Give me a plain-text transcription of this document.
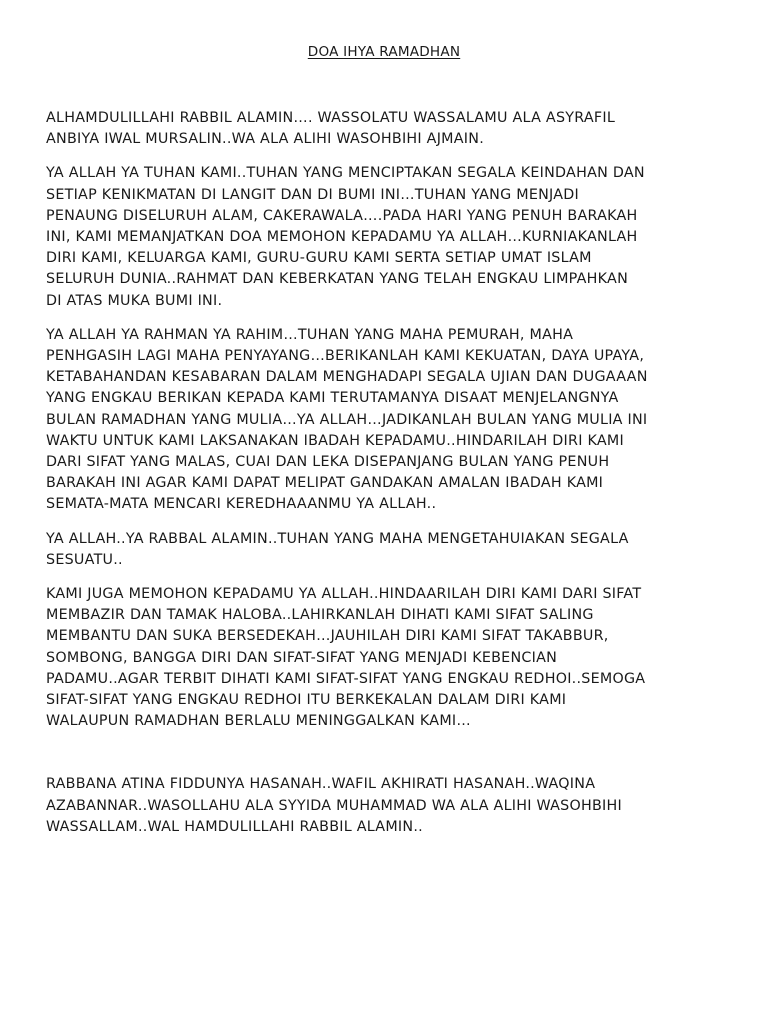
DOA IHYA RAMADHAN

ALHAMDULILLAHI RABBIL ALAMIN…. WASSOLATU WASSALAMU ALA ASYRAFIL
ANBIYA IWAL MURSALIN..WA ALA ALIHI WASOHBIHI AJMAIN.

YA ALLAH YA TUHAN KAMI..TUHAN YANG MENCIPTAKAN SEGALA KEINDAHAN DAN
SETIAP KENIKMATAN DI LANGIT DAN DI BUMI INI…TUHAN YANG MENJADI
PENAUNG DISELURUH ALAM, CAKERAWALA….PADA HARI YANG PENUH BARAKAH
INI, KAMI MEMANJATKAN DOA MEMOHON KEPADAMU YA ALLAH…KURNIAKANLAH
DIRI KAMI, KELUARGA KAMI, GURU-GURU KAMI SERTA SETIAP UMAT ISLAM
SELURUH DUNIA..RAHMAT DAN KEBERKATAN YANG TELAH ENGKAU LIMPAHKAN
DI ATAS MUKA BUMI INI.

YA ALLAH YA RAHMAN YA RAHIM…TUHAN YANG MAHA PEMURAH, MAHA
PENHGASIH LAGI MAHA PENYAYANG…BERIKANLAH KAMI KEKUATAN, DAYA UPAYA,
KETABAHANDAN KESABARAN DALAM MENGHADAPI SEGALA UJIAN DAN DUGAAAN
YANG ENGKAU BERIKAN KEPADA KAMI TERUTAMANYA DISAAT MENJELANGNYA
BULAN RAMADHAN YANG MULIA…YA ALLAH…JADIKANLAH BULAN YANG MULIA INI
WAKTU UNTUK KAMI LAKSANAKAN IBADAH KEPADAMU..HINDARILAH DIRI KAMI
DARI SIFAT YANG MALAS, CUAI DAN LEKA DISEPANJANG BULAN YANG PENUH
BARAKAH INI AGAR KAMI DAPAT MELIPAT GANDAKAN AMALAN IBADAH KAMI
SEMATA-MATA MENCARI KEREDHAAANMU YA ALLAH..

YA ALLAH..YA RABBAL ALAMIN..TUHAN YANG MAHA MENGETAHUIAKAN SEGALA
SESUATU..

KAMI JUGA MEMOHON KEPADAMU YA ALLAH..HINDAARILAH DIRI KAMI DARI SIFAT
MEMBAZIR DAN TAMAK HALOBA..LAHIRKANLAH DIHATI KAMI SIFAT SALING
MEMBANTU DAN SUKA BERSEDEKAH…JAUHILAH DIRI KAMI SIFAT TAKABBUR,
SOMBONG, BANGGA DIRI DAN SIFAT-SIFAT YANG MENJADI KEBENCIAN
PADAMU..AGAR TERBIT DIHATI KAMI SIFAT-SIFAT YANG ENGKAU REDHOI..SEMOGA
SIFAT-SIFAT YANG ENGKAU REDHOI ITU BERKEKALAN DALAM DIRI KAMI
WALAUPUN RAMADHAN BERLALU MENINGGALKAN KAMI…

RABBANA ATINA FIDDUNYA HASANAH..WAFIL AKHIRATI HASANAH..WAQINA
AZABANNAR..WASOLLAHU ALA SYYIDA MUHAMMAD WA ALA ALIHI WASOHBIHI
WASSALLAM..WAL HAMDULILLAHI RABBIL ALAMIN..
